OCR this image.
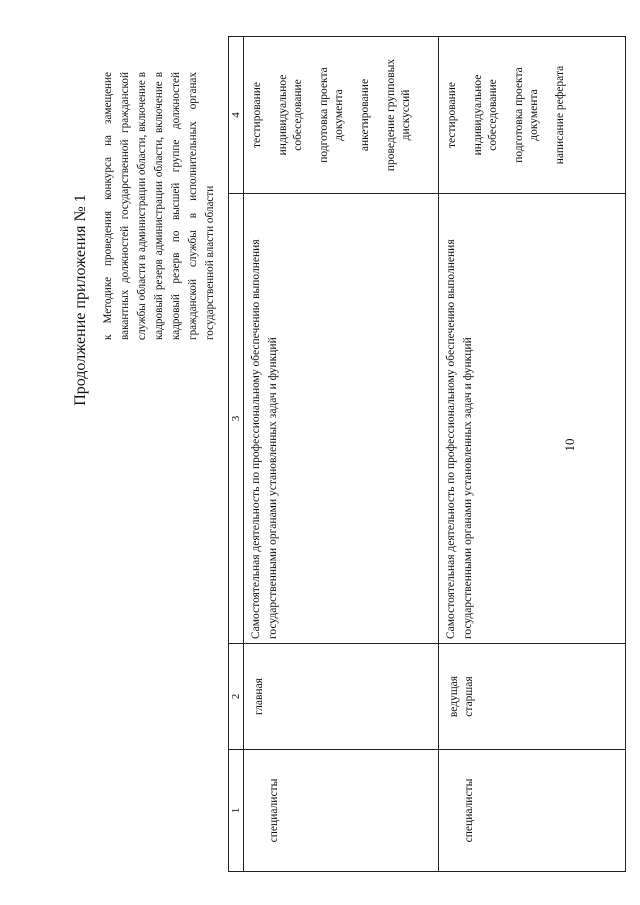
10
Продолжение приложения № 1 к Методике проведения конкурса на замещение вакантных должностей государственной гражданской службы области в администрации области, включение в кадровый резерв администрации области, включение в кадровый резерв по высшей группе должностей гражданской службы в исполнительных органах государственной власти области
1	2	3	4
специалисты	главная	Самостоятельная деятельность по профессиональному обеспечению выполнения государственными органами установленных задач и функций	тестирование индивидуальное собеседование подготовка проекта документа анкетирование проведение групповых дискуссий

специалисты	ведущая старшая	Самостоятельная деятельность по профессиональному обеспечению выполнения государственными органами установленных задач и функций	тестирование индивидуальное собеседование подготовка проекта документа написание реферата
